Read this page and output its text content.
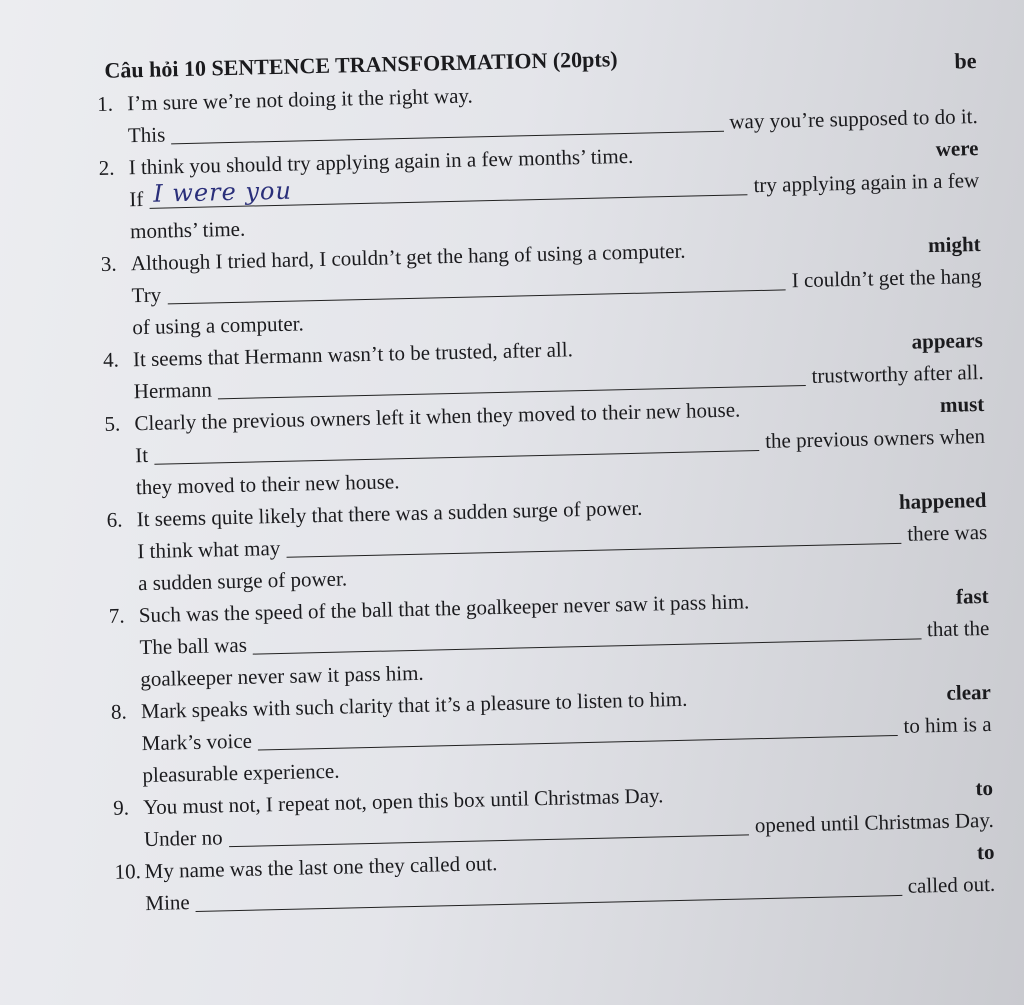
Câu hỏi 10 SENTENCE TRANSFORMATION (20pts)	be
1. I’m sure we’re not doing it the right way.
This
way you’re supposed to do it.
2. I think you should try applying again in a few months’ time.	were
If I were you	try applying again in a few
months’ time.
3. Although I tried hard, I couldn’t get the hang of using a computer.	might
Try
I couldn’t get the hang
of using a computer.
4. It seems that Hermann wasn’t to be trusted, after all.	appears
Hermann
trustworthy after all.
5. Clearly the previous owners left it when they moved to their new house.	must
It
the previous owners when
they moved to their new house.
6. It seems quite likely that there was a sudden surge of power.	happened
I think what may
there was
a sudden surge of power.
7. Such was the speed of the ball that the goalkeeper never saw it pass him.	fast
The ball was
that the
goalkeeper never saw it pass him.
8. Mark speaks with such clarity that it’s a pleasure to listen to him.	clear
Mark’s voice
to him is a
pleasurable experience.
9. You must not, I repeat not, open this box until Christmas Day.	to
Under no
opened until Christmas Day.
10. My name was the last one they called out.	to
Mine
called out.
